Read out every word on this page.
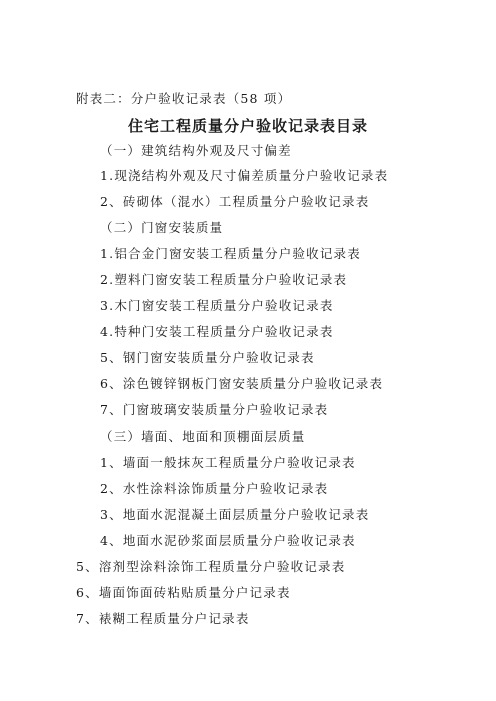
附表二：分户验收记录表（58 项）
住宅工程质量分户验收记录表目录
（一）建筑结构外观及尺寸偏差
1.现浇结构外观及尺寸偏差质量分户验收记录表
2、砖砌体（混水）工程质量分户验收记录表
（二）门窗安装质量
1.铝合金门窗安装工程质量分户验收记录表
2.塑料门窗安装工程质量分户验收记录表
3.木门窗安装工程质量分户验收记录表
4.特种门安装工程质量分户验收记录表
5、钢门窗安装质量分户验收记录表
6、涂色镀锌钢板门窗安装质量分户验收记录表
7、门窗玻璃安装质量分户验收记录表
（三）墙面、地面和顶棚面层质量
1、墙面一般抹灰工程质量分户验收记录表
2、水性涂料涂饰质量分户验收记录表
3、地面水泥混凝土面层质量分户验收记录表
4、地面水泥砂浆面层质量分户验收记录表
5、溶剂型涂料涂饰工程质量分户验收记录表
6、墙面饰面砖粘贴质量分户记录表
7、裱糊工程质量分户记录表
